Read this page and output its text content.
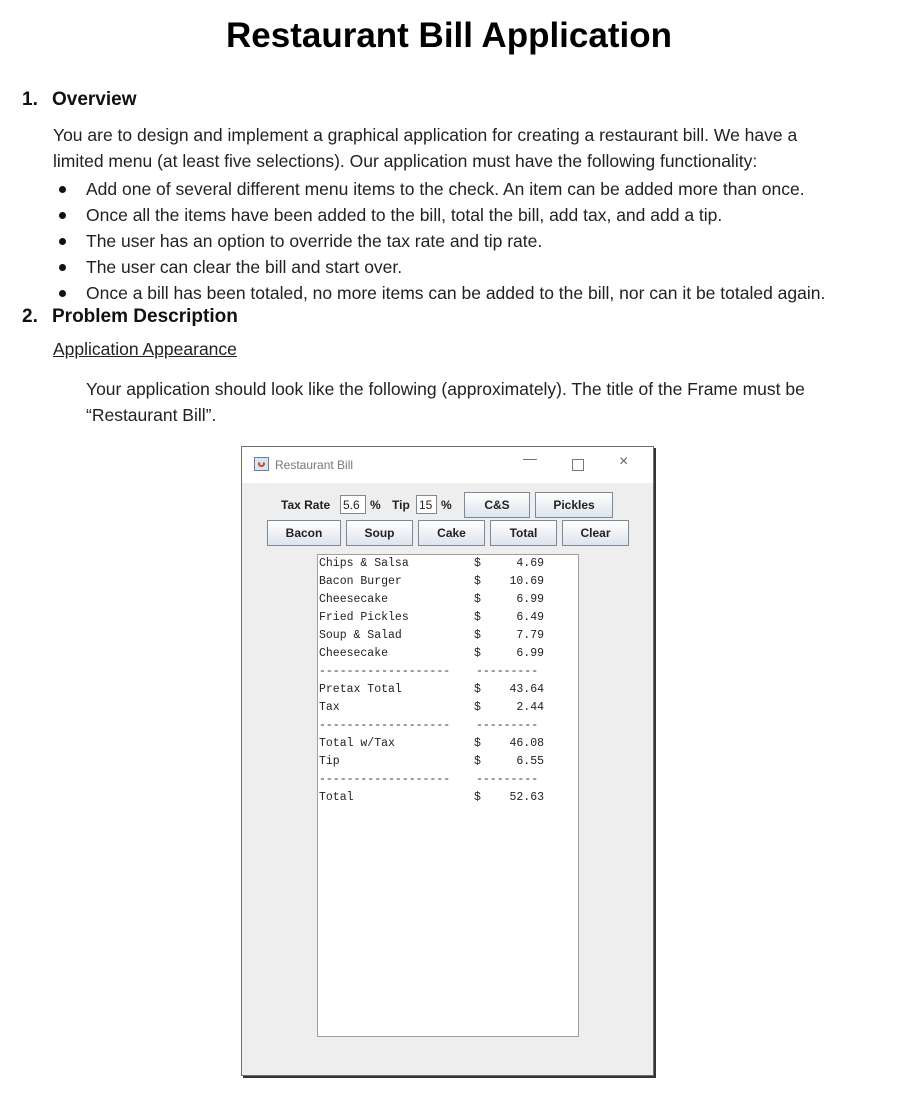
Restaurant Bill Application
1. Overview
You are to design and implement a graphical application for creating a restaurant bill. We have a
limited menu (at least five selections). Our application must have the following functionality:
Add one of several different menu items to the check. An item can be added more than once.
Once all the items have been added to the bill, total the bill, add tax, and add a tip.
The user has an option to override the tax rate and tip rate.
The user can clear the bill and start over.
Once a bill has been totaled, no more items can be added to the bill, nor can it be totaled again.
2. Problem Description
Application Appearance
Your application should look like the following (approximately). The title of the Frame must be
“Restaurant Bill”.
Restaurant Bill	—	×
Tax Rate 5.6 % Tip 15 %	C&S	Pickles
Bacon	Soup	Cake	Total	Clear
Chips & Salsa	$	4.69
Bacon Burger	$	10.69
Cheesecake	$	6.99
Fried Pickles	$	6.49
Soup & Salad	$	7.79
Cheesecake	$	6.99
------------------- ---------
Pretax Total	$	43.64
Tax	$	2.44
------------------- ---------
Total w/Tax	$	46.08
Tip	$	6.55
------------------- ---------
Total	$	52.63
